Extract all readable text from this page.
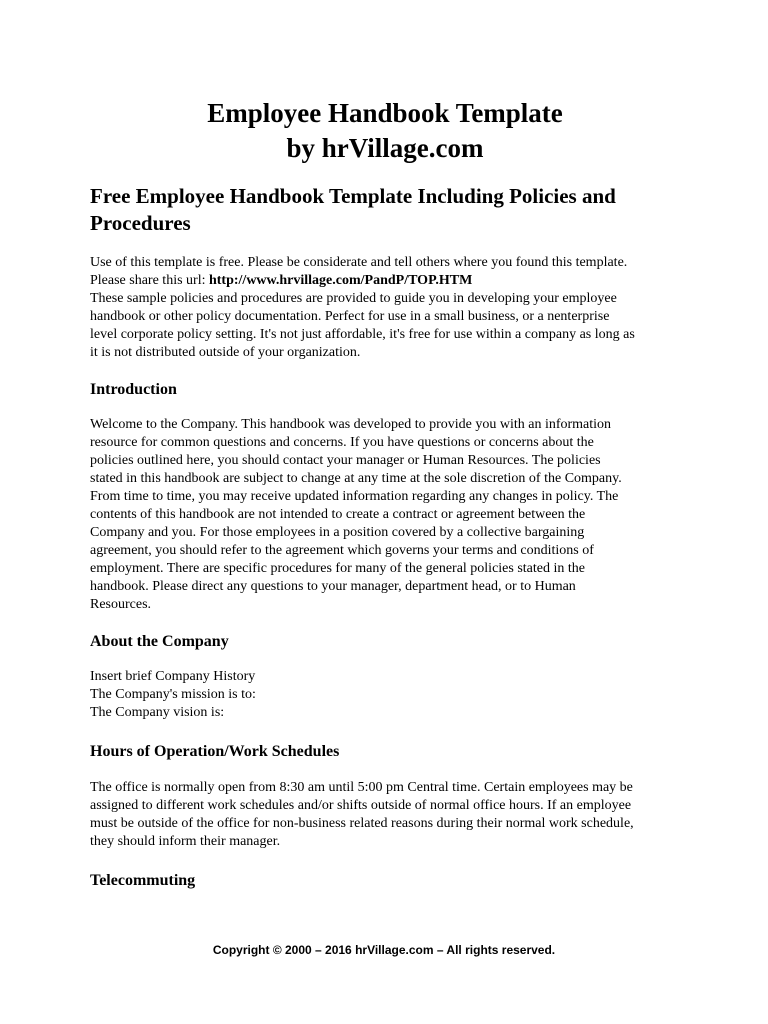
Employee Handbook Template
by hrVillage.com
Free Employee Handbook Template Including Policies and
Procedures
Use of this template is free. Please be considerate and tell others where you found this template.
Please share this url: http://www.hrvillage.com/PandP/TOP.HTM
These sample policies and procedures are provided to guide you in developing your employee
handbook or other policy documentation. Perfect for use in a small business, or a nenterprise
level corporate policy setting. It's not just affordable, it's free for use within a company as long as
it is not distributed outside of your organization.
Introduction
Welcome to the Company. This handbook was developed to provide you with an information
resource for common questions and concerns. If you have questions or concerns about the
policies outlined here, you should contact your manager or Human Resources. The policies
stated in this handbook are subject to change at any time at the sole discretion of the Company.
From time to time, you may receive updated information regarding any changes in policy. The
contents of this handbook are not intended to create a contract or agreement between the
Company and you. For those employees in a position covered by a collective bargaining
agreement, you should refer to the agreement which governs your terms and conditions of
employment. There are specific procedures for many of the general policies stated in the
handbook. Please direct any questions to your manager, department head, or to Human
Resources.
About the Company
Insert brief Company History
The Company's mission is to:
The Company vision is:
Hours of Operation/Work Schedules
The office is normally open from 8:30 am until 5:00 pm Central time. Certain employees may be
assigned to different work schedules and/or shifts outside of normal office hours. If an employee
must be outside of the office for non-business related reasons during their normal work schedule,
they should inform their manager.
Telecommuting
Copyright © 2000 – 2016 hrVillage.com – All rights reserved.
